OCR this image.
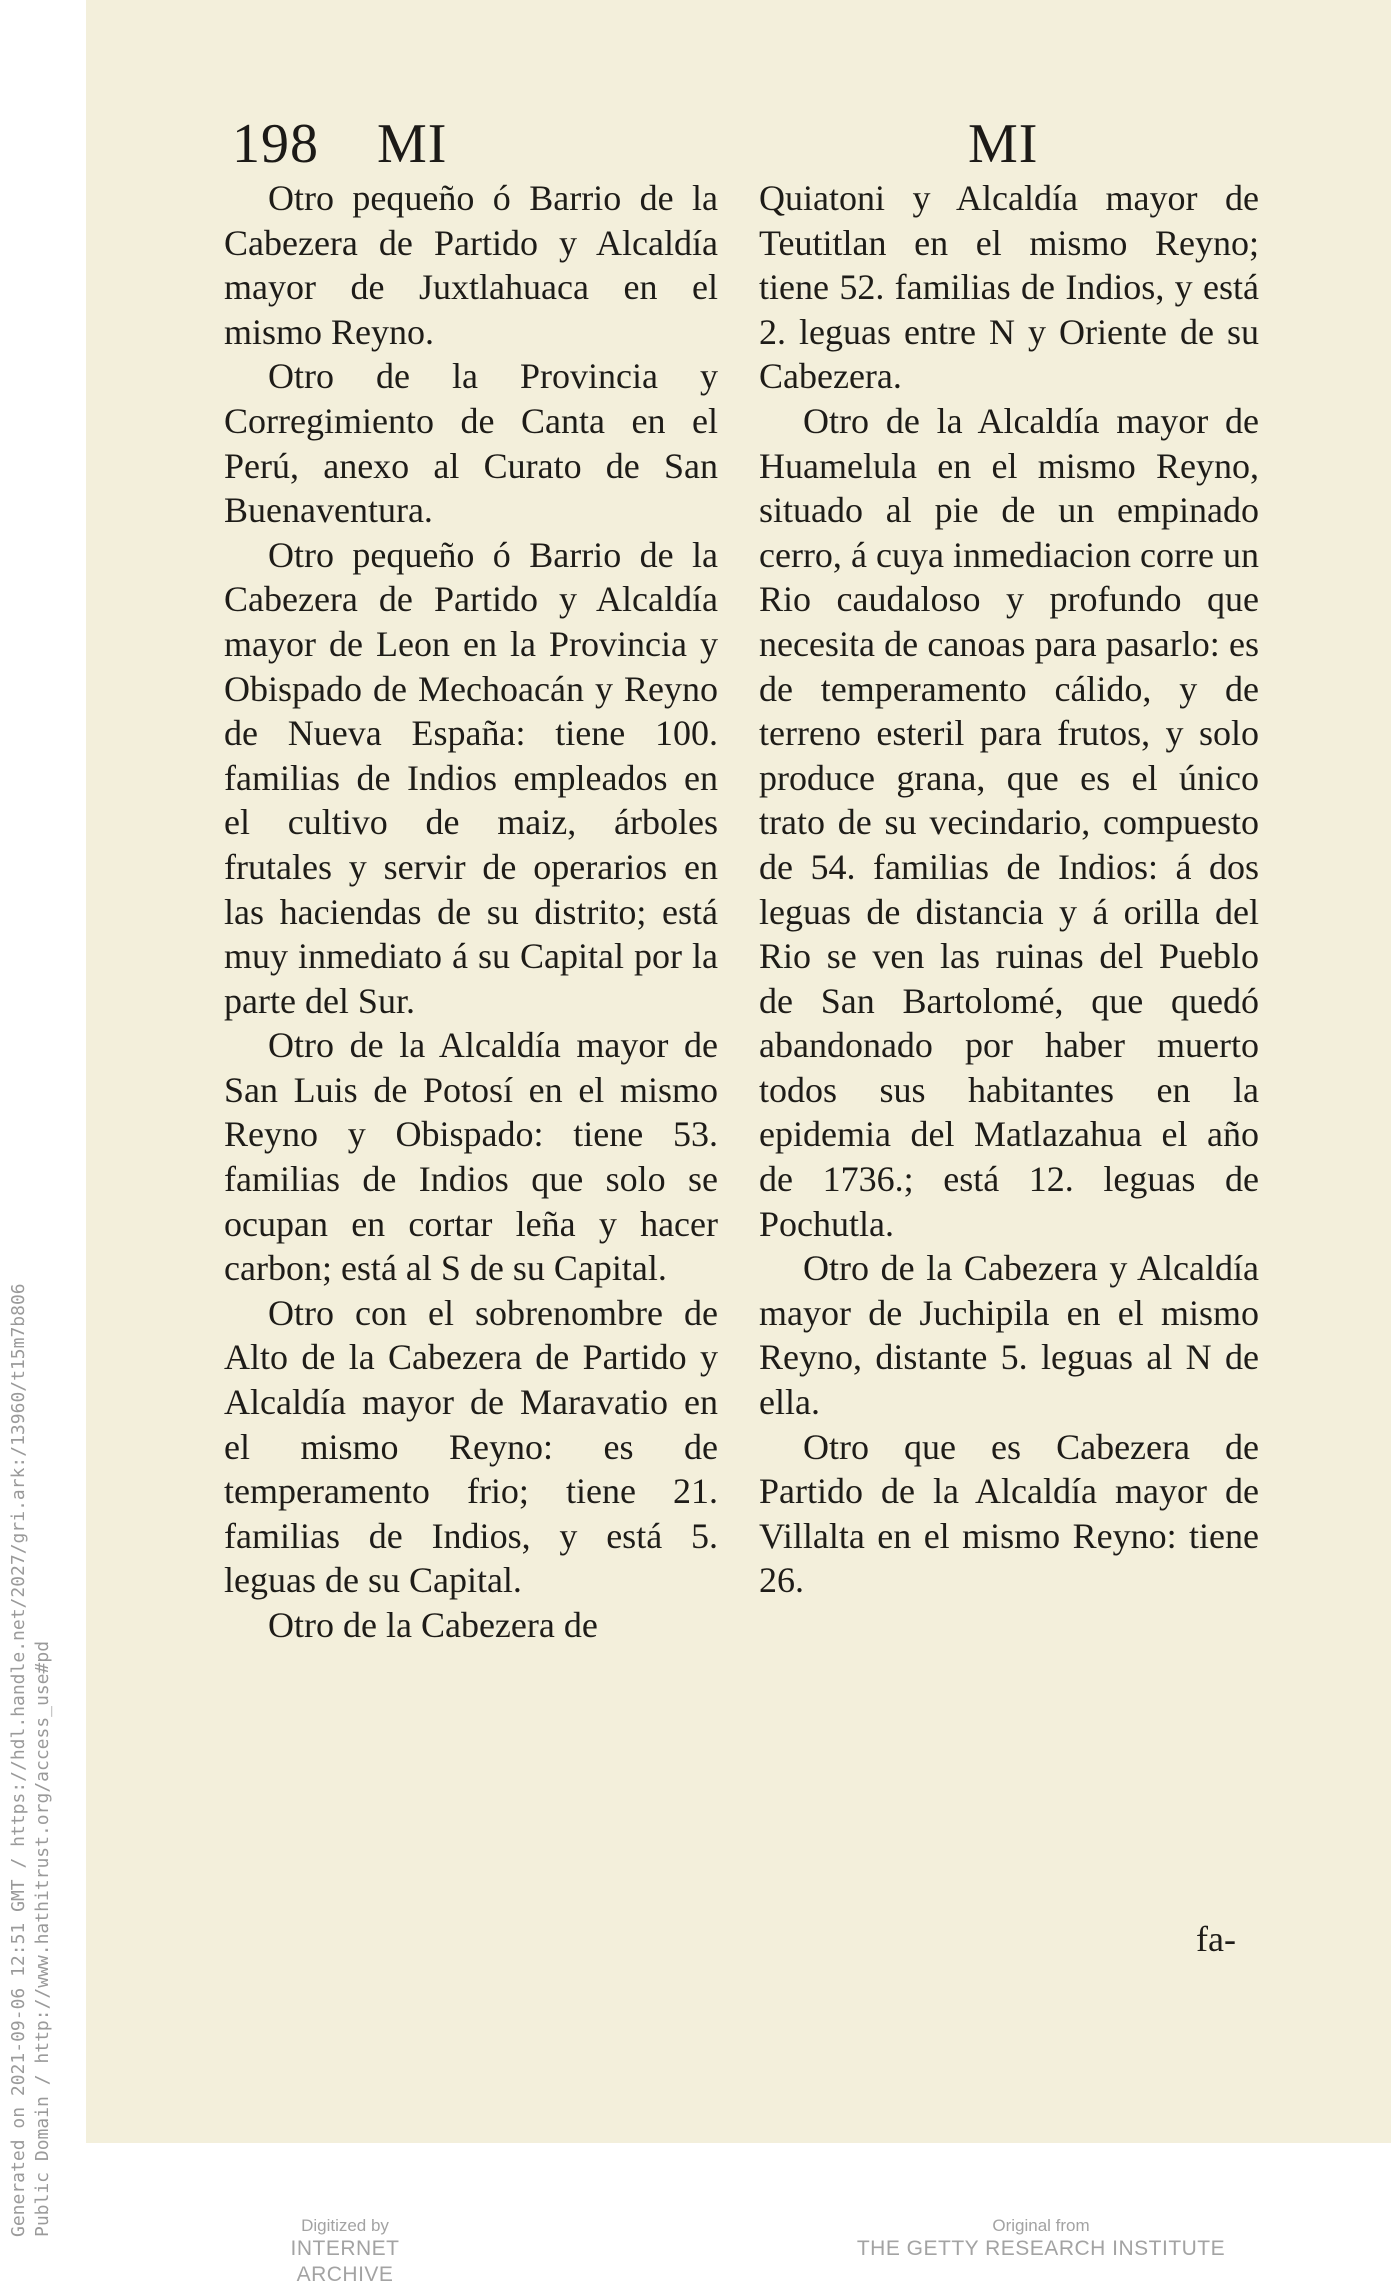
Generated on 2021-09-06 12:51 GMT / https://hdl.handle.net/2027/gri.ark:/13960/t15m7b806 Public Domain / http://www.hathitrust.org/access_use#pd
198 MI	MI

Otro pequeño ó Barrio de la Cabezera de Partido y Alcaldía mayor de Juxtlahuaca en el mismo Reyno.

Otro de la Provincia y Corregimiento de Canta en el Perú, anexo al Curato de San Buenaventura.

Otro pequeño ó Barrio de la Cabezera de Partido y Alcaldía mayor de Leon en la Provincia y Obispado de Mechoacán y Reyno de Nueva España: tiene 100. familias de Indios empleados en el cultivo de maiz, árboles frutales y servir de operarios en las haciendas de su distrito; está muy inmediato á su Capital por la parte del Sur.

Otro de la Alcaldía mayor de San Luis de Potosí en el mismo Reyno y Obispado: tiene 53. familias de Indios que solo se ocupan en cortar leña y hacer carbon; está al S de su Capital.

Otro con el sobrenombre de Alto de la Cabezera de Partido y Alcaldía mayor de Maravatio en el mismo Reyno: es de temperamento frio; tiene 21. familias de Indios, y está 5. leguas de su Capital.

Otro de la Cabezera de

Quiatoni y Alcaldía mayor de Teutitlan en el mismo Reyno; tiene 52. familias de Indios, y está 2. leguas entre N y Oriente de su Cabezera.

Otro de la Alcaldía mayor de Huamelula en el mismo Reyno, situado al pie de un empinado cerro, á cuya inmediacion corre un Rio caudaloso y profundo que necesita de canoas para pasarlo: es de temperamento cálido, y de terreno esteril para frutos, y solo produce grana, que es el único trato de su vecindario, compuesto de 54. familias de Indios: á dos leguas de distancia y á orilla del Rio se ven las ruinas del Pueblo de San Bartolomé, que quedó abandonado por haber muerto todos sus habitantes en la epidemia del Matlazahua el año de 1736.; está 12. leguas de Pochutla.

Otro de la Cabezera y Alcaldía mayor de Juchipila en el mismo Reyno, distante 5. leguas al N de ella.

Otro que es Cabezera de Partido de la Alcaldía mayor de Villalta en el mismo Reyno: tiene 26.

fa-
Digitized by
INTERNET ARCHIVE
Original from
THE GETTY RESEARCH INSTITUTE
